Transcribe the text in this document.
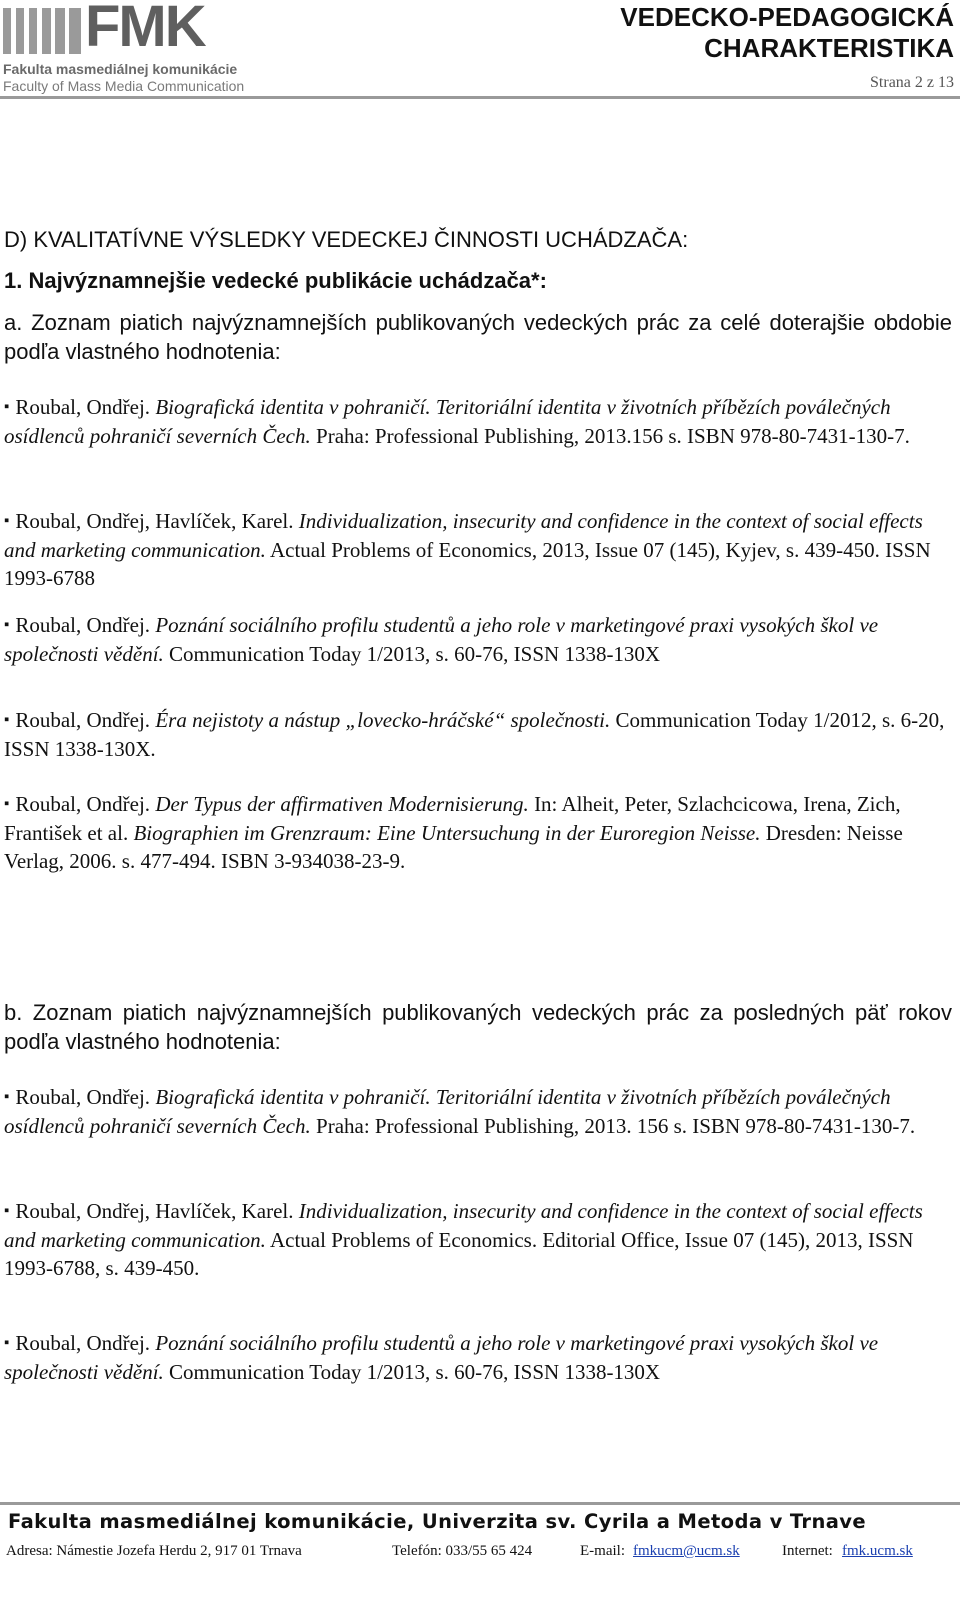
FMK
Fakulta masmediálnej komunikácie
Faculty of Mass Media Communication
VEDECKO-PEDAGOGICKÁ
CHARAKTERISTIKA
Strana 2 z 13
D) KVALITATÍVNE VÝSLEDKY VEDECKEJ ČINNOSTI UCHÁDZAČA:
1. Najvýznamnejšie vedecké publikácie uchádzača*:
a. Zoznam piatich najvýznamnejších publikovaných vedeckých prác za celé doterajšie obdobie podľa vlastného hodnotenia:
▪ Roubal, Ondřej. Biografická identita v pohraničí. Teritoriální identita v životních příbězích poválečných osídlenců pohraničí severních Čech. Praha: Professional Publishing, 2013.156 s. ISBN 978-80-7431-130-7.
▪ Roubal, Ondřej, Havlíček, Karel. Individualization, insecurity and confidence in the context of social effects and marketing communication. Actual Problems of Economics, 2013, Issue 07 (145), Kyjev, s. 439-450. ISSN 1993-6788
▪ Roubal, Ondřej. Poznání sociálního profilu studentů a jeho role v marketingové praxi vysokých škol ve společnosti vědění. Communication Today 1/2013, s. 60-76, ISSN 1338-130X
▪ Roubal, Ondřej. Éra nejistoty a nástup „lovecko-hráčské“ společnosti. Communication Today 1/2012, s. 6-20, ISSN 1338-130X.
▪ Roubal, Ondřej. Der Typus der affirmativen Modernisierung. In: Alheit, Peter, Szlachcicowa, Irena, Zich, František et al. Biographien im Grenzraum: Eine Untersuchung in der Euroregion Neisse. Dresden: Neisse Verlag, 2006. s. 477-494. ISBN 3-934038-23-9.
b. Zoznam piatich najvýznamnejších publikovaných vedeckých prác za posledných päť rokov podľa vlastného hodnotenia:
▪ Roubal, Ondřej. Biografická identita v pohraničí. Teritoriální identita v životních příbězích poválečných osídlenců pohraničí severních Čech. Praha: Professional Publishing, 2013. 156 s. ISBN 978-80-7431-130-7.
▪ Roubal, Ondřej, Havlíček, Karel. Individualization, insecurity and confidence in the context of social effects and marketing communication. Actual Problems of Economics. Editorial Office, Issue 07 (145), 2013, ISSN 1993-6788, s. 439-450.
▪ Roubal, Ondřej. Poznání sociálního profilu studentů a jeho role v marketingové praxi vysokých škol ve společnosti vědění. Communication Today 1/2013, s. 60-76, ISSN 1338-130X
Fakulta masmediálnej komunikácie, Univerzita sv. Cyrila a Metoda v Trnave
Adresa: Námestie Jozefa Herdu 2, 917 01 Trnava	Telefón: 033/55 65 424	E-mail: fmkucm@ucm.sk	Internet: fmk.ucm.sk
